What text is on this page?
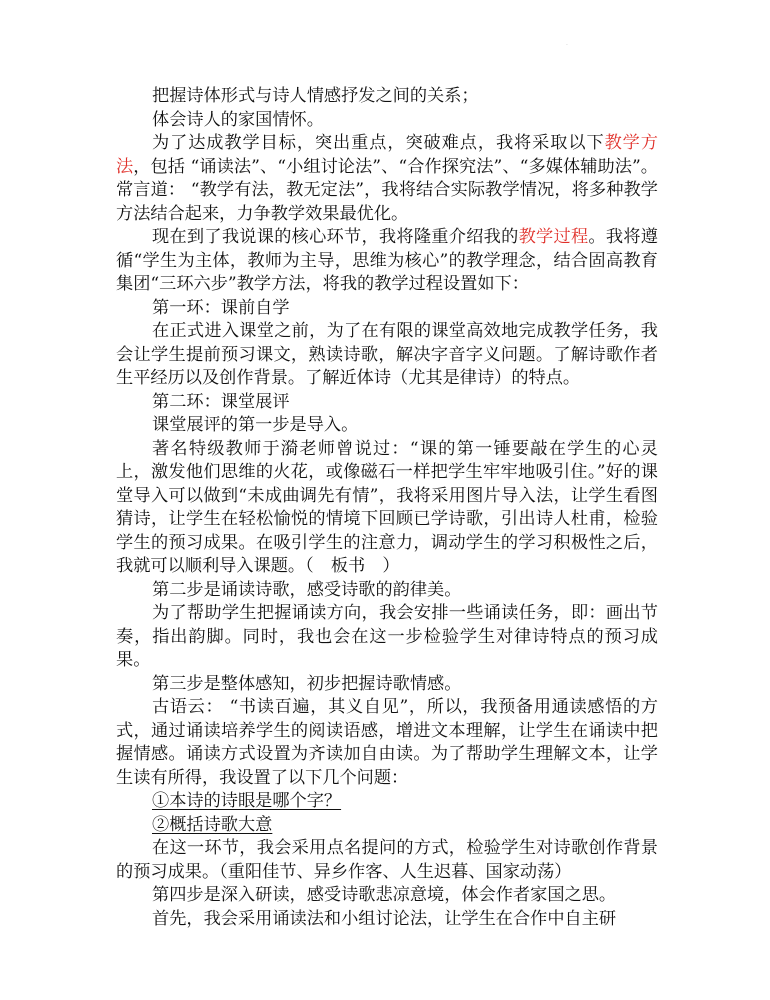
·

把握诗体形式与诗人情感抒发之间的关系；

体会诗人的家国情怀。

为了达成教学目标，突出重点，突破难点，我将采取以下教学方法，包括 “诵读法”、“小组讨论法”、“合作探究法”、“多媒体辅助法”。常言道： “教学有法，教无定法”，我将结合实际教学情况，将多种教学方法结合起来，力争教学效果最优化。

现在到了我说课的核心环节，我将隆重介绍我的教学过程。我将遵循“学生为主体，教师为主导，思维为核心”的教学理念，结合固高教育集团“三环六步”教学方法，将我的教学过程设置如下：

第一环：课前自学

在正式进入课堂之前，为了在有限的课堂高效地完成教学任务，我会让学生提前预习课文，熟读诗歌，解决字音字义问题。了解诗歌作者生平经历以及创作背景。了解近体诗（尤其是律诗）的特点。

第二环：课堂展评

课堂展评的第一步是导入。

著名特级教师于漪老师曾说过：“课的第一锤要敲在学生的心灵上，激发他们思维的火花，或像磁石一样把学生牢牢地吸引住。”好的课堂导入可以做到“未成曲调先有情”，我将采用图片导入法，让学生看图猜诗，让学生在轻松愉悦的情境下回顾已学诗歌，引出诗人杜甫，检验学生的预习成果。在吸引学生的注意力，调动学生的学习积极性之后，我就可以顺利导入课题。（　板书　）

第二步是诵读诗歌，感受诗歌的韵律美。

为了帮助学生把握诵读方向，我会安排一些诵读任务，即：画出节奏，指出韵脚。同时，我也会在这一步检验学生对律诗特点的预习成果。

第三步是整体感知，初步把握诗歌情感。

古语云： “书读百遍，其义自见”，所以，我预备用通读感悟的方式，通过诵读培养学生的阅读语感，增进文本理解，让学生在诵读中把握情感。诵读方式设置为齐读加自由读。为了帮助学生理解文本，让学生读有所得，我设置了以下几个问题：

①本诗的诗眼是哪个字？

②概括诗歌大意

在这一环节，我会采用点名提问的方式，检验学生对诗歌创作背景的预习成果。（重阳佳节、异乡作客、人生迟暮、国家动荡）

第四步是深入研读，感受诗歌悲凉意境，体会作者家国之思。

首先，我会采用诵读法和小组讨论法，让学生在合作中自主研
